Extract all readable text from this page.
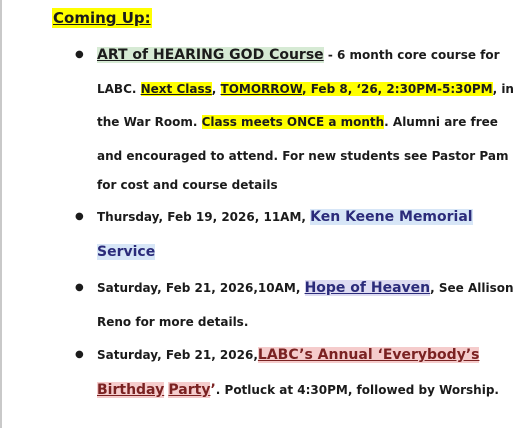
Coming Up:
● ART of HEARING GOD Course - 6 month core course for
LABC. Next Class, TOMORROW, Feb 8, ‘26, 2:30PM-5:30PM, in
the War Room. Class meets ONCE a month. Alumni are free
and encouraged to attend. For new students see Pastor Pam
for cost and course details
● Thursday, Feb 19, 2026, 11AM, Ken Keene Memorial
Service
● Saturday, Feb 21, 2026,10AM, Hope of Heaven, See Allison
Reno for more details.
● Saturday, Feb 21, 2026,LABC’s Annual ‘Everybody’s
Birthday Party’. Potluck at 4:30PM, followed by Worship.
